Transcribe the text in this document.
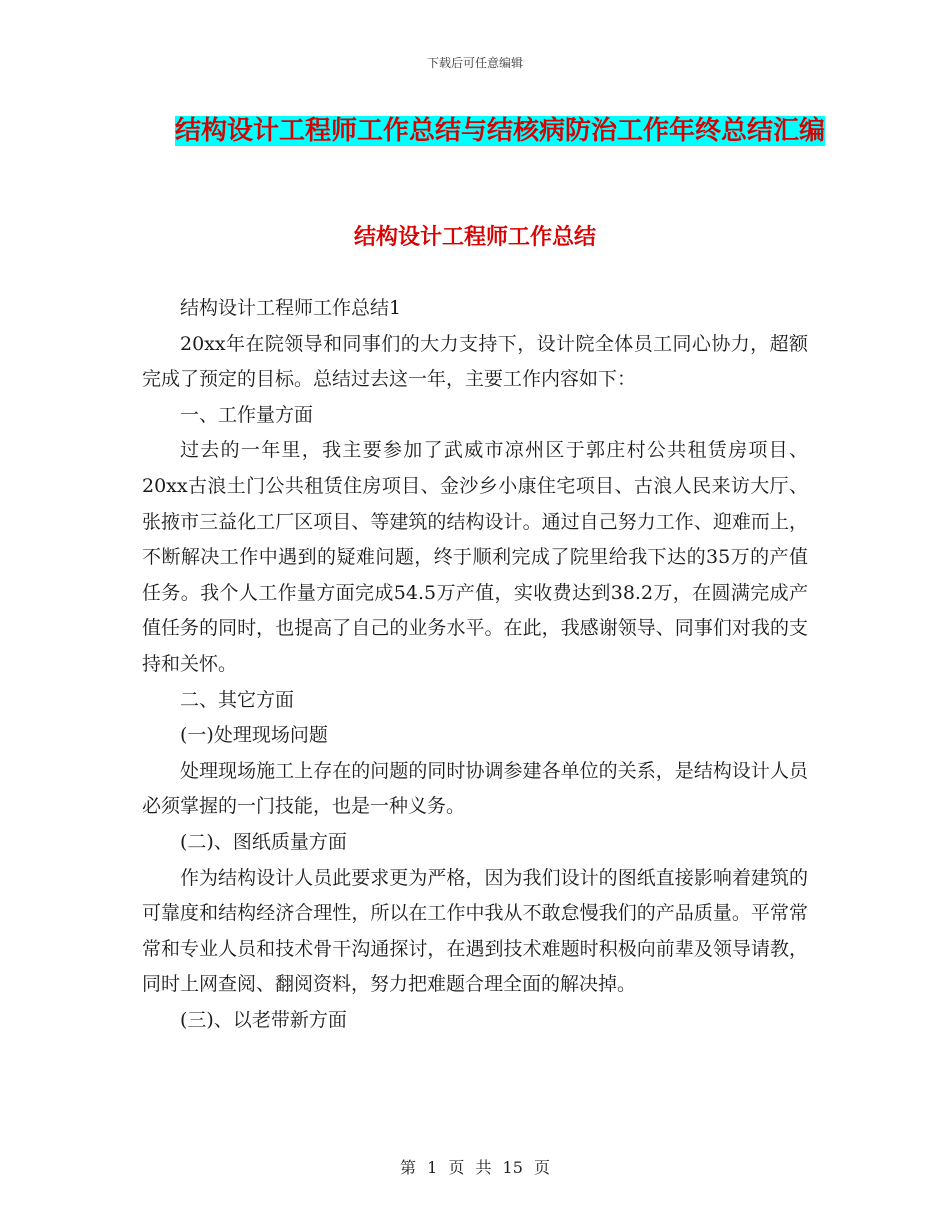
下载后可任意编辑
结构设计工程师工作总结与结核病防治工作年终总结汇编
结构设计工程师工作总结

结构设计工程师工作总结1

20xx年在院领导和同事们的大力支持下，设计院全体员工同心协力，超额完成了预定的目标。总结过去这一年，主要工作内容如下：

一、工作量方面

过去的一年里，我主要参加了武威市凉州区于郭庄村公共租赁房项目、20xx古浪土门公共租赁住房项目、金沙乡小康住宅项目、古浪人民来访大厅、张掖市三益化工厂区项目、等建筑的结构设计。通过自己努力工作、迎难而上，不断解决工作中遇到的疑难问题，终于顺利完成了院里给我下达的35万的产值任务。我个人工作量方面完成54.5万产值，实收费达到38.2万，在圆满完成产值任务的同时，也提高了自己的业务水平。在此，我感谢领导、同事们对我的支持和关怀。

二、其它方面

(一)处理现场问题

处理现场施工上存在的问题的同时协调参建各单位的关系，是结构设计人员必须掌握的一门技能，也是一种义务。

(二)、图纸质量方面

作为结构设计人员此要求更为严格，因为我们设计的图纸直接影响着建筑的可靠度和结构经济合理性，所以在工作中我从不敢怠慢我们的产品质量。平常常常和专业人员和技术骨干沟通探讨，在遇到技术难题时积极向前辈及领导请教，同时上网查阅、翻阅资料，努力把难题合理全面的解决掉。

(三)、以老带新方面

第 1 页 共 15 页
